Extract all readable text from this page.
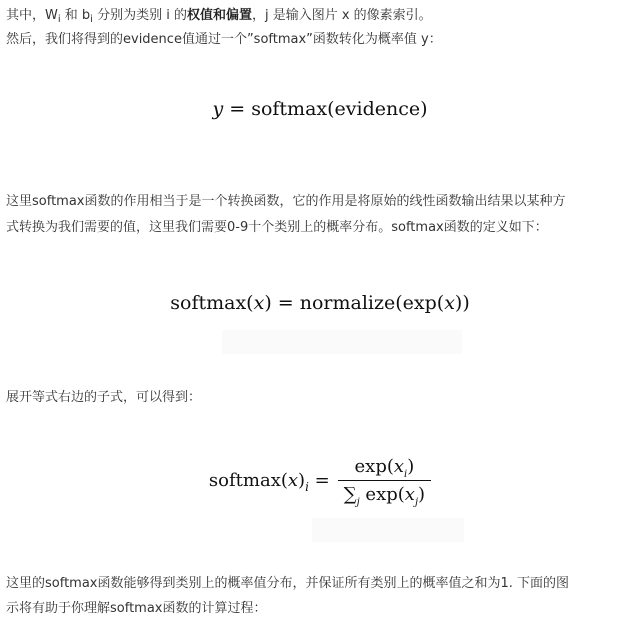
其中，$W_i$ 和 $b_i$ 分别为类别 i 的权值和偏置，j 是输入图片 x 的像素索引。
然后，我们将得到的evidence值通过一个”softmax”函数转化为概率值 y：
y = softmax(evidence)
这里softmax函数的作用相当于是一个转换函数，它的作用是将原始的线性函数输出结果以某种方
式转换为我们需要的值，这里我们需要0-9十个类别上的概率分布。softmax函数的定义如下：
softmax(x) = normalize(exp(x))
展开等式右边的子式，可以得到：
$softmax(x)_i = \frac{\exp(x_i)}{\sum_j \exp(x_j)}$
这里的softmax函数能够得到类别上的概率值分布，并保证所有类别上的概率值之和为1. 下面的图
示将有助于你理解softmax函数的计算过程：
